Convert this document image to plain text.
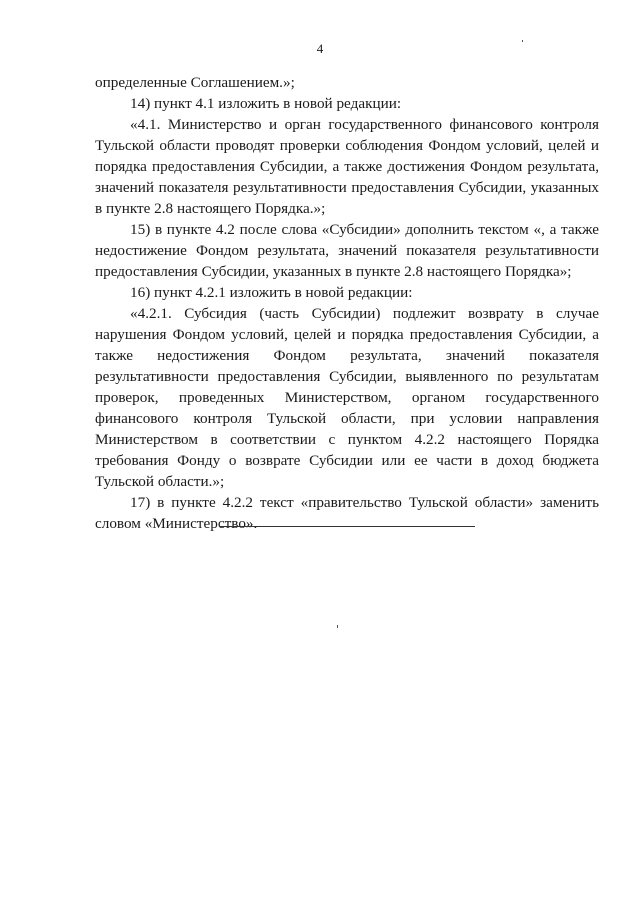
4

определенные Соглашением.»;

14) пункт 4.1 изложить в новой редакции:

«4.1. Министерство и орган государственного финансового контроля Тульской области проводят проверки соблюдения Фондом условий, целей и порядка предоставления Субсидии, а также достижения Фондом результата, значений показателя результативности предоставления Субсидии, указанных в пункте 2.8 настоящего Порядка.»;

15) в пункте 4.2 после слова «Субсидии» дополнить текстом «, а также недостижение Фондом результата, значений показателя результативности предоставления Субсидии, указанных в пункте 2.8 настоящего Порядка»;

16) пункт 4.2.1 изложить в новой редакции:

«4.2.1. Субсидия (часть Субсидии) подлежит возврату в случае нарушения Фондом условий, целей и порядка предоставления Субсидии, а также недостижения Фондом результата, значений показателя результативности предоставления Субсидии, выявленного по результатам проверок, проведенных Министерством, органом государственного финансового контроля Тульской области, при условии направления Министерством в соответствии с пунктом 4.2.2 настоящего Порядка требования Фонду о возврате Субсидии или ее части в доход бюджета Тульской области.»;

17) в пункте 4.2.2 текст «правительство Тульской области» заменить словом «Министерство».
